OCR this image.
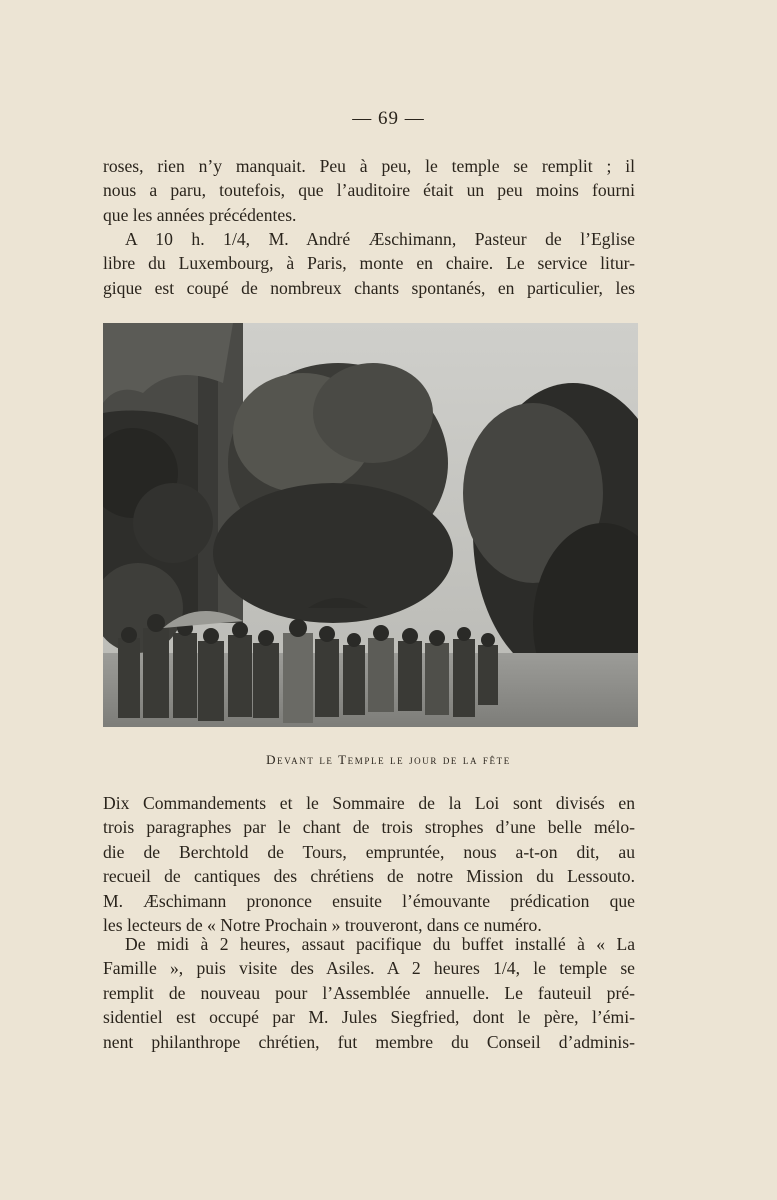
— 69 —

roses, rien n’y manquait. Peu à peu, le temple se remplit ; il
nous a paru, toutefois, que l’auditoire était un peu moins fourni
que les années précédentes.

A 10 h. 1/4, M. André Æschimann, Pasteur de l’Eglise
libre du Luxembourg, à Paris, monte en chaire. Le service litur-
gique est coupé de nombreux chants spontanés, en particulier, les

Devant le Temple le jour de la fête

Dix Commandements et le Sommaire de la Loi sont divisés en
trois paragraphes par le chant de trois strophes d’une belle mélo-
die de Berchtold de Tours, empruntée, nous a-t-on dit, au
recueil de cantiques des chrétiens de notre Mission du Lessouto.
M. Æschimann prononce ensuite l’émouvante prédication que
les lecteurs de « Notre Prochain » trouveront, dans ce numéro.

De midi à 2 heures, assaut pacifique du buffet installé à « La
Famille », puis visite des Asiles. A 2 heures 1/4, le temple se
remplit de nouveau pour l’Assemblée annuelle. Le fauteuil pré-
sidentiel est occupé par M. Jules Siegfried, dont le père, l’émi-
nent philanthrope chrétien, fut membre du Conseil d’adminis-
